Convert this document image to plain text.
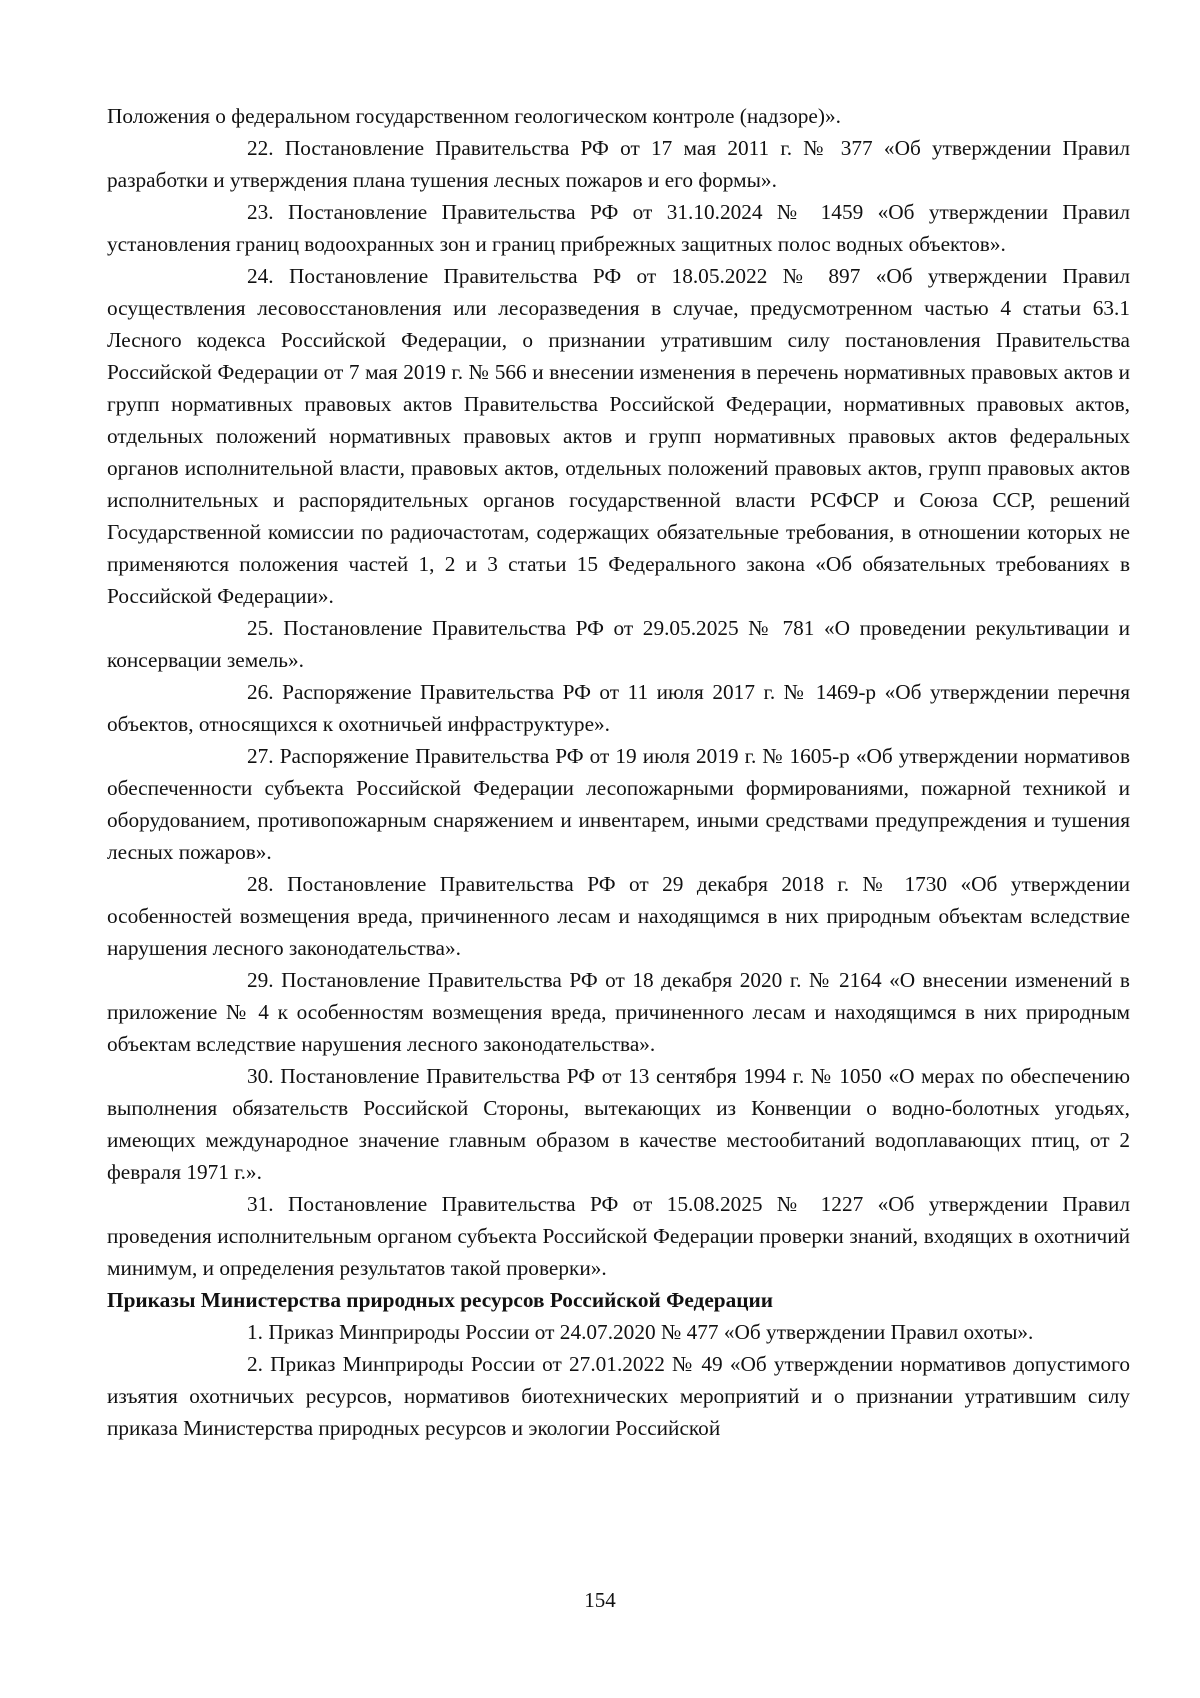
Положения о федеральном государственном геологическом контроле (надзоре)».

22. Постановление Правительства РФ от 17 мая 2011 г. № 377 «Об утверждении Правил разработки и утверждения плана тушения лесных пожаров и его формы».

23. Постановление Правительства РФ от 31.10.2024 № 1459 «Об утверждении Правил установления границ водоохранных зон и границ прибрежных защитных полос водных объектов».

24. Постановление Правительства РФ от 18.05.2022 № 897 «Об утверждении Правил осуществления лесовосстановления или лесоразведения в случае, предусмотренном частью 4 статьи 63.1 Лесного кодекса Российской Федерации, о признании утратившим силу постановления Правительства Российской Федерации от 7 мая 2019 г. № 566 и внесении изменения в перечень нормативных правовых актов и групп нормативных правовых актов Правительства Российской Федерации, нормативных правовых актов, отдельных положений нормативных правовых актов и групп нормативных правовых актов федеральных органов исполнительной власти, правовых актов, отдельных положений правовых актов, групп правовых актов исполнительных и распорядительных органов государственной власти РСФСР и Союза ССР, решений Государственной комиссии по радиочастотам, содержащих обязательные требования, в отношении которых не применяются положения частей 1, 2 и 3 статьи 15 Федерального закона «Об обязательных требованиях в Российской Федерации».

25. Постановление Правительства РФ от 29.05.2025 № 781 «О проведении рекультивации и консервации земель».

26. Распоряжение Правительства РФ от 11 июля 2017 г. № 1469-р «Об утверждении перечня объектов, относящихся к охотничьей инфраструктуре».

27. Распоряжение Правительства РФ от 19 июля 2019 г. № 1605-р «Об утверждении нормативов обеспеченности субъекта Российской Федерации лесопожарными формированиями, пожарной техникой и оборудованием, противопожарным снаряжением и инвентарем, иными средствами предупреждения и тушения лесных пожаров».

28. Постановление Правительства РФ от 29 декабря 2018 г. № 1730 «Об утверждении особенностей возмещения вреда, причиненного лесам и находящимся в них природным объектам вследствие нарушения лесного законодательства».

29. Постановление Правительства РФ от 18 декабря 2020 г. № 2164 «О внесении изменений в приложение № 4 к особенностям возмещения вреда, причиненного лесам и находящимся в них природным объектам вследствие нарушения лесного законодательства».

30. Постановление Правительства РФ от 13 сентября 1994 г. № 1050 «О мерах по обеспечению выполнения обязательств Российской Стороны, вытекающих из Конвенции о водно-болотных угодьях, имеющих международное значение главным образом в качестве местообитаний водоплавающих птиц, от 2 февраля 1971 г.».

31. Постановление Правительства РФ от 15.08.2025 № 1227 «Об утверждении Правил проведения исполнительным органом субъекта Российской Федерации проверки знаний, входящих в охотничий минимум, и определения результатов такой проверки».

Приказы Министерства природных ресурсов Российской Федерации

1. Приказ Минприроды России от 24.07.2020 № 477 «Об утверждении Правил охоты».

2. Приказ Минприроды России от 27.01.2022 № 49 «Об утверждении нормативов допустимого изъятия охотничьих ресурсов, нормативов биотехнических мероприятий и о признании утратившим силу приказа Министерства природных ресурсов и экологии Российской

154
